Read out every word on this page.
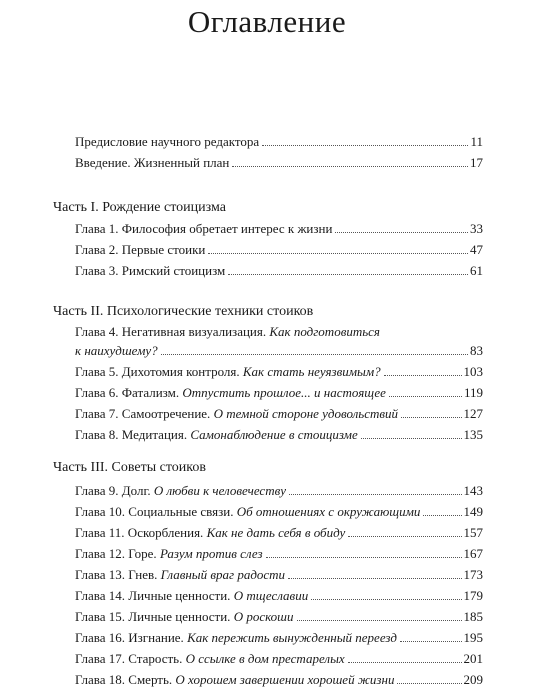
Оглавление
Предисловие научного редактора	11
Введение. Жизненный план	17
Часть I. Рождение стоицизма
Глава 1. Философия обретает интерес к жизни	33
Глава 2. Первые стоики	47
Глава 3. Римский стоицизм	61
Часть II. Психологические техники стоиков
Глава 4. Негативная визуализация. Как подготовиться
к наихудшему?	83
Глава 5. Дихотомия контроля. Как стать неуязвимым?	103
Глава 6. Фатализм. Отпустить прошлое... и настоящее	119
Глава 7. Самоотречение. О темной стороне удовольствий	127
Глава 8. Медитация. Самонаблюдение в стоицизме	135
Часть III. Советы стоиков
Глава 9. Долг. О любви к человечеству	143
Глава 10. Социальные связи. Об отношениях с окружающими	149
Глава 11. Оскорбления. Как не дать себя в обиду	157
Глава 12. Горе. Разум против слез	167
Глава 13. Гнев. Главный враг радости	173
Глава 14. Личные ценности. О тщеславии	179
Глава 15. Личные ценности. О роскоши	185
Глава 16. Изгнание. Как пережить вынужденный переезд	195
Глава 17. Старость. О ссылке в дом престарелых	201
Глава 18. Смерть. О хорошем завершении хорошей жизни	209
